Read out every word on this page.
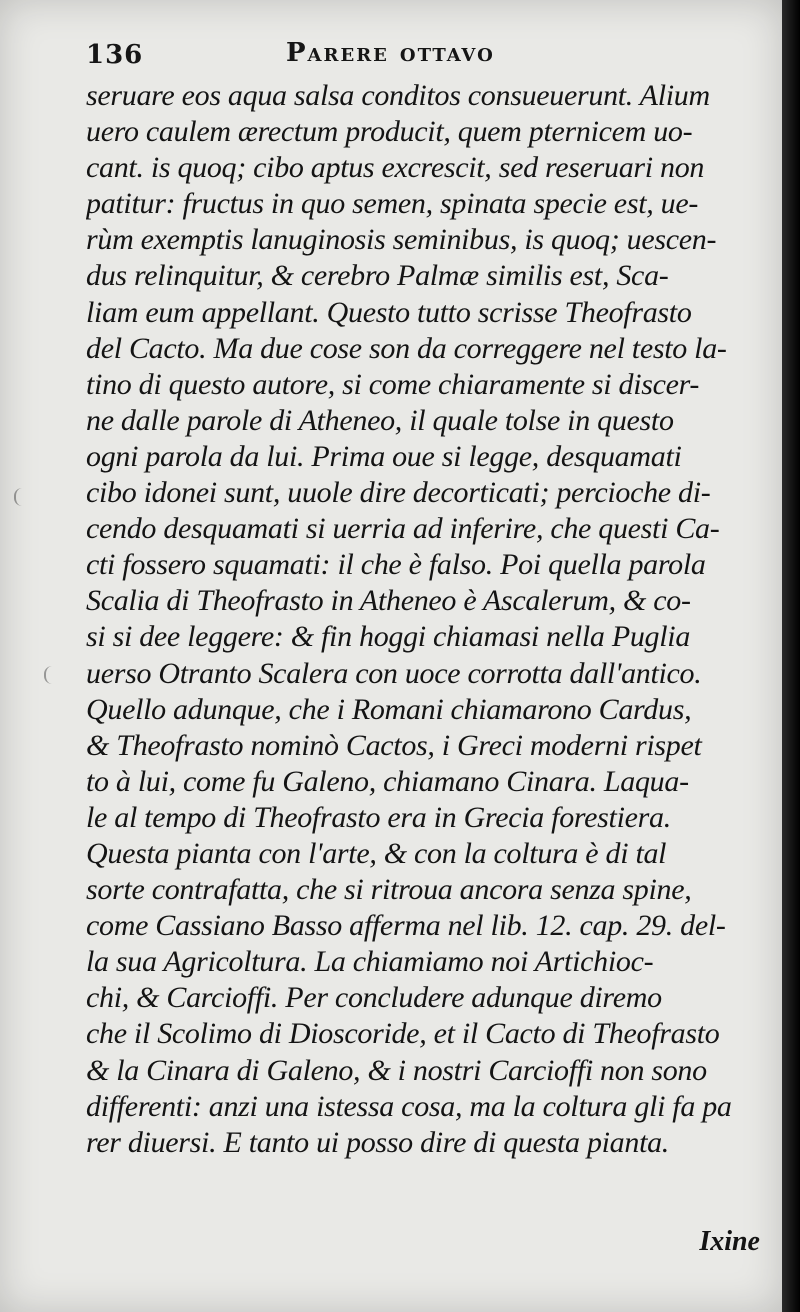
136	Parere ottavo
seruare eos aqua salsa conditos consueuerunt. Alium
uero caulem ærectum producit, quem pternicem uo-
cant. is quoq; cibo aptus excrescit, sed reseruari non
patitur: fructus in quo semen, spinata specie est, ue-
rùm exemptis lanuginosis seminibus, is quoq; uescen-
dus relinquitur, & cerebro Palmæ similis est, Sca-
liam eum appellant. Questo tutto scrisse Theofrasto
del Cacto. Ma due cose son da correggere nel testo la-
tino di questo autore, si come chiaramente si discer-
ne dalle parole di Atheneo, il quale tolse in questo
ogni parola da lui. Prima oue si legge, desquamati
cibo idonei sunt, uuole dire decorticati; percioche di-
cendo desquamati si uerria ad inferire, che questi Ca-
cti fossero squamati: il che è falso. Poi quella parola
Scalia di Theofrasto in Atheneo è Ascalerum, & co-
si si dee leggere: & fin hoggi chiamasi nella Puglia
uerso Otranto Scalera con uoce corrotta dall'antico.
Quello adunque, che i Romani chiamarono Cardus,
& Theofrasto nominò Cactos, i Greci moderni rispet
to à lui, come fu Galeno, chiamano Cinara. Laqua-
le al tempo di Theofrasto era in Grecia forestiera.
Questa pianta con l'arte, & con la coltura è di tal
sorte contrafatta, che si ritroua ancora senza spine,
come Cassiano Basso afferma nel lib. 12. cap. 29. del-
la sua Agricoltura. La chiamiamo noi Artichioc-
chi, & Carcioffi. Per concludere adunque diremo
che il Scolimo di Dioscoride, et il Cacto di Theofrasto
& la Cinara di Galeno, & i nostri Carcioffi non sono
differenti: anzi una istessa cosa, ma la coltura gli fa pa
rer diuersi. E tanto ui posso dire di questa pianta.
Ixine
